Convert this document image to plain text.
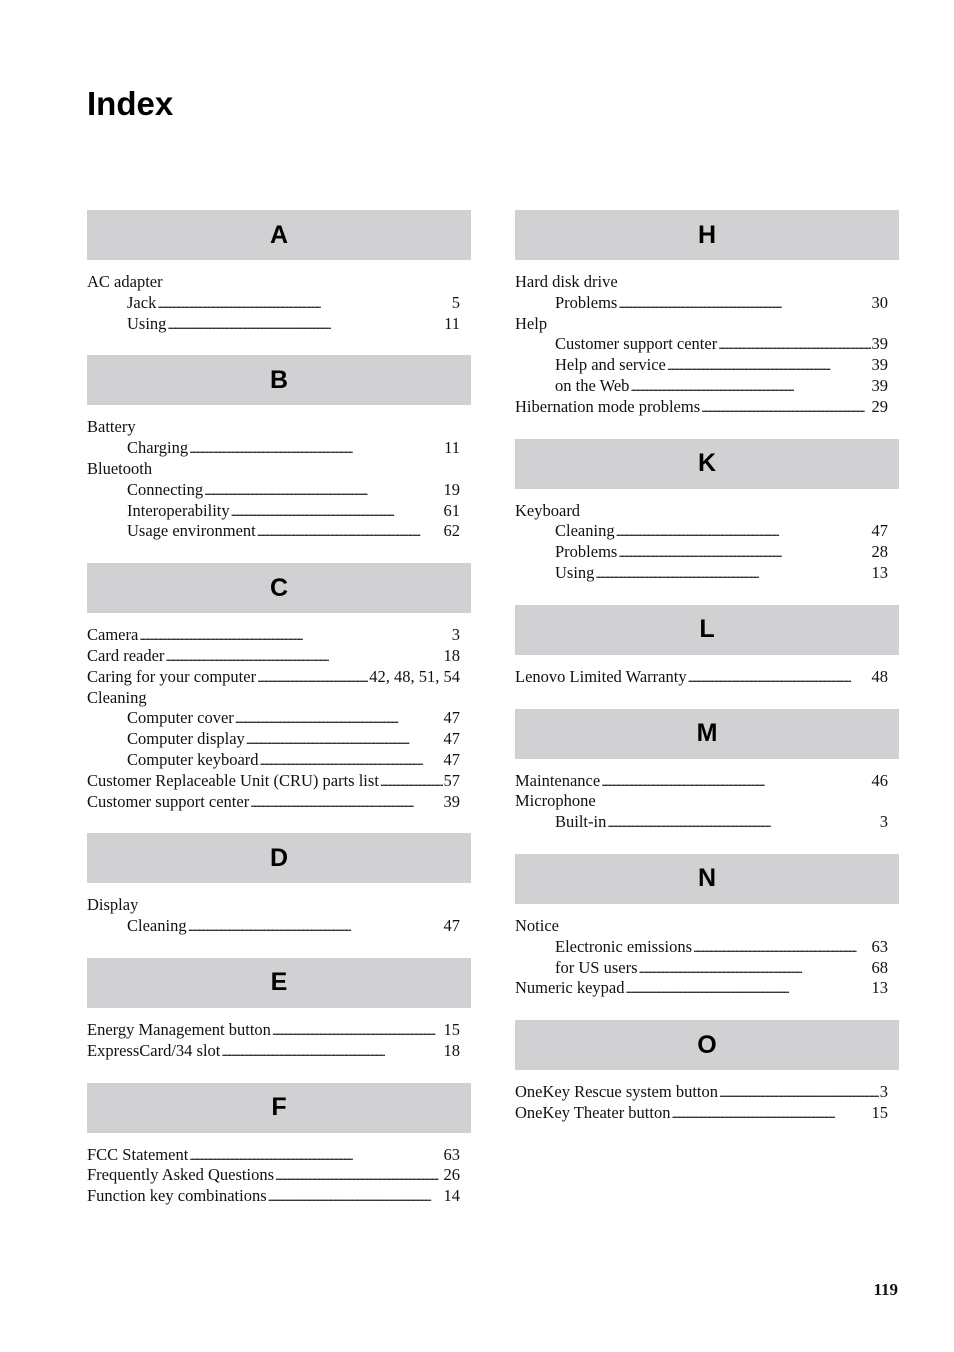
Index
A
AC adapter
Jack . . .	5
Using . . .	11
B
Battery
Charging . . .	11
Bluetooth
Connecting . . .	19
Interoperability . . .	61
Usage environment . . .	62
C
Camera . . .	3
Card reader . . .	18
Caring for your computer . . .	42, 48, 51, 54
Cleaning
Computer cover . . .	47
Computer display . . .	47
Computer keyboard . . .	47
Customer Replaceable Unit (CRU) parts list . . .	57
Customer support center . . .	39
D
Display
Cleaning . . .	47
E
Energy Management button . . .	15
ExpressCard/34 slot . . .	18
F
FCC Statement . . .	63
Frequently Asked Questions . . .	26
Function key combinations . . .	14
H
Hard disk drive
Problems . . .	30
Help
Customer support center . . .	39
Help and service . . .	39
on the Web . . .	39
Hibernation mode problems . . .	29
K
Keyboard
Cleaning . . .	47
Problems . . .	28
Using . . .	13
L
Lenovo Limited Warranty . . .	48
M
Maintenance . . .	46
Microphone
Built-in . . .	3
N
Notice
Electronic emissions . . .	63
for US users . . .	68
Numeric keypad . . .	13
O
OneKey Rescue system button . . .	3
OneKey Theater button . . .	15
119
